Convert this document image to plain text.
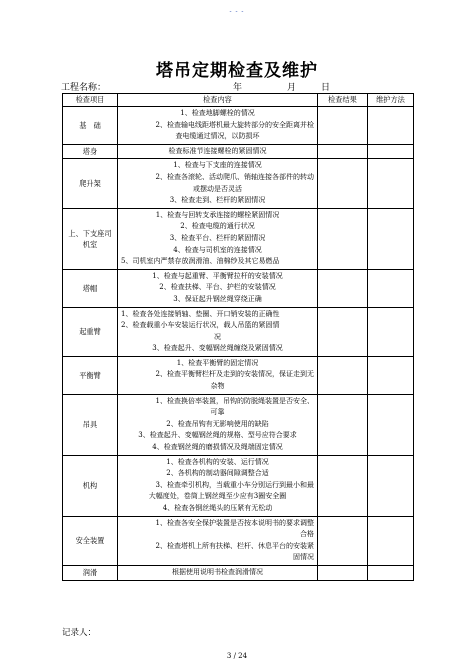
- - -
塔吊定期检查及维护
工程名称：	年	月	日
检查项目	检查内容	检查结果	维护方法
基　础	1、检查地脚螺栓的情况
2、检查输电线距塔机最大旋转部分的安全距离并检
查电缆通过情况，以防损坏		

塔身	检查标准节连接螺栓的紧固情况		

爬升架	1、检查与下支座的连接情况
2、检查各滚轮、活动爬爪、销轴连接各部件的转动
或摆动是否灵活
3、检查走到、栏杆的紧固情况		

上、下支座司机室	1、检查与回转支承连接的螺栓紧固情况
2、检查电缆的通行状况
3、检查平台、栏杆的紧固情况
4、检查与司机室的连接情况
5、司机室内严禁存放润滑油、油棉纱及其它易燃品		

塔帽	1、检查与起重臂、平衡臂拉杆的安装情况
2、检查扶梯、平台、护栏的安装情况
3、保证起升钢丝绳穿绕正确		

起重臂	1、检查各处连接销轴、垫圈、开口销安装的正确性
2、检查载重小车安装运行状况，载人吊篮的紧固情
况
3、检查起升、变幅钢丝绳缠绕及紧固情况		

平衡臂	1、检查平衡臂的固定情况
2、检查平衡臂栏杆及走到的安装情况，保证走到无
杂物		

吊具	1、检查换倍率装置，吊钩的防脱绳装置是否安全、
可靠
2、检查吊钩有无影响使用的缺陷
3、检查起升、变幅钢丝绳的规格、型号应符合要求
4、检查钢丝绳的磨损情况及绳端固定情况		

机构	1、检查各机构的安装、运行情况
2、各机构的制动器间隙调整合适
3、检查牵引机构，当载重小车分别运行到最小和最
大幅度处，卷筒上钢丝绳至少应有3圈安全圈
4、检查各钢丝绳头的压紧有无松动		

安全装置	1、检查各安全保护装置是否按本说明书的要求调整
合格
2、检查塔机上所有扶梯、栏杆、休息平台的安装紧
固情况		

润滑	根据使用说明书检查润滑情况		

记录人：
3 / 24
